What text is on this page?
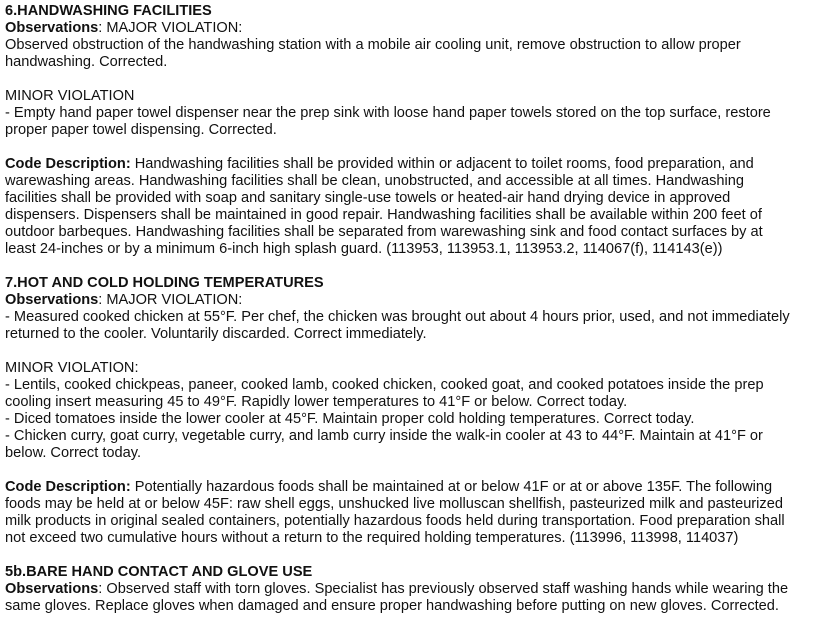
6.HANDWASHING FACILITIES
Observations: MAJOR VIOLATION:
Observed obstruction of the handwashing station with a mobile air cooling unit, remove obstruction to allow proper
handwashing. Corrected.
MINOR VIOLATION
- Empty hand paper towel dispenser near the prep sink with loose hand paper towels stored on the top surface, restore
proper paper towel dispensing. Corrected.
Code Description: Handwashing facilities shall be provided within or adjacent to toilet rooms, food preparation, and
warewashing areas. Handwashing facilities shall be clean, unobstructed, and accessible at all times. Handwashing
facilities shall be provided with soap and sanitary single-use towels or heated-air hand drying device in approved
dispensers. Dispensers shall be maintained in good repair. Handwashing facilities shall be available within 200 feet of
outdoor barbeques. Handwashing facilities shall be separated from warewashing sink and food contact surfaces by at
least 24-inches or by a minimum 6-inch high splash guard. (113953, 113953.1, 113953.2, 114067(f), 114143(e))
7.HOT AND COLD HOLDING TEMPERATURES
Observations: MAJOR VIOLATION:
- Measured cooked chicken at 55°F. Per chef, the chicken was brought out about 4 hours prior, used, and not immediately
returned to the cooler. Voluntarily discarded. Correct immediately.
MINOR VIOLATION:
- Lentils, cooked chickpeas, paneer, cooked lamb, cooked chicken, cooked goat, and cooked potatoes inside the prep
cooling insert measuring 45 to 49°F. Rapidly lower temperatures to 41°F or below. Correct today.
- Diced tomatoes inside the lower cooler at 45°F. Maintain proper cold holding temperatures. Correct today.
- Chicken curry, goat curry, vegetable curry, and lamb curry inside the walk-in cooler at 43 to 44°F. Maintain at 41°F or
below. Correct today.
Code Description: Potentially hazardous foods shall be maintained at or below 41F or at or above 135F. The following
foods may be held at or below 45F: raw shell eggs, unshucked live molluscan shellfish, pasteurized milk and pasteurized
milk products in original sealed containers, potentially hazardous foods held during transportation. Food preparation shall
not exceed two cumulative hours without a return to the required holding temperatures. (113996, 113998, 114037)
5b.BARE HAND CONTACT AND GLOVE USE
Observations: Observed staff with torn gloves. Specialist has previously observed staff washing hands while wearing the
same gloves. Replace gloves when damaged and ensure proper handwashing before putting on new gloves. Corrected.
